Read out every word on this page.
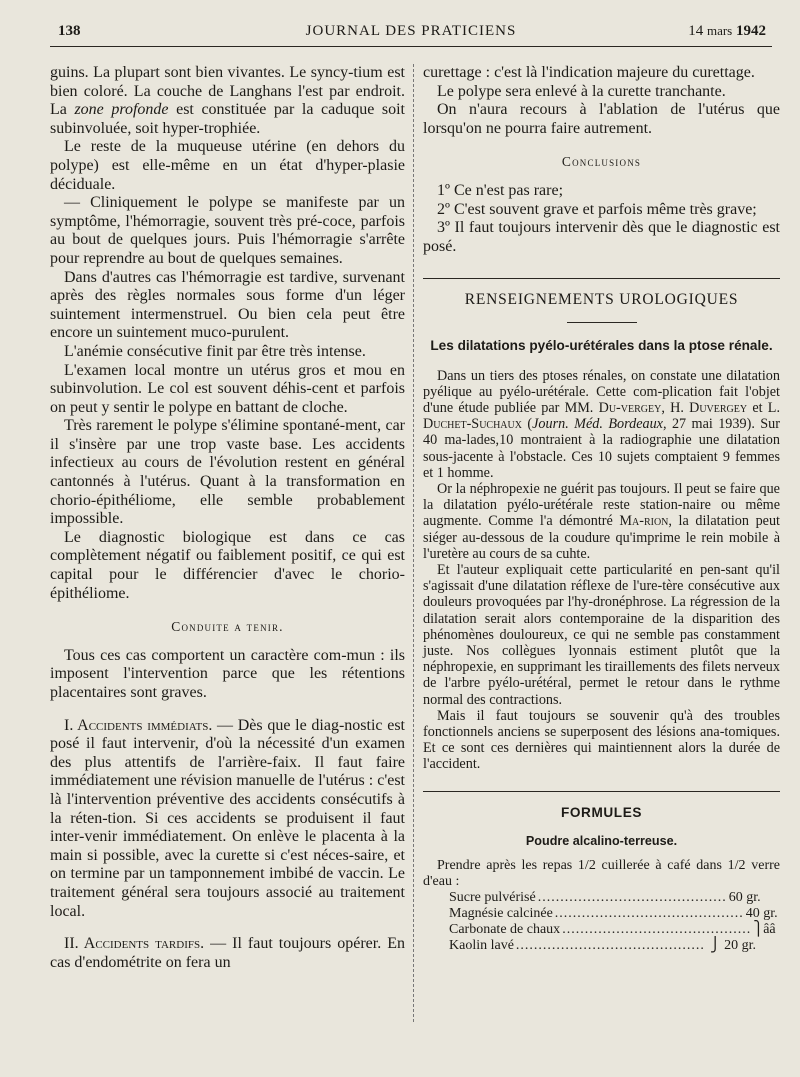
138	JOURNAL DES PRATICIENS	14 mars 1942

guins. La plupart sont bien vivantes. Le syncy-tium est bien coloré. La couche de Langhans l'est par endroit. La zone profonde est constituée par la caduque soit subinvoluée, soit hyper-trophiée.

Le reste de la muqueuse utérine (en dehors du polype) est elle-même en un état d'hyper-plasie déciduale.

— Cliniquement le polype se manifeste par un symptôme, l'hémorragie, souvent très pré-coce, parfois au bout de quelques jours. Puis l'hémorragie s'arrête pour reprendre au bout de quelques semaines.

Dans d'autres cas l'hémorragie est tardive, survenant après des règles normales sous forme d'un léger suintement intermenstruel. Ou bien cela peut être encore un suintement muco-purulent.

L'anémie consécutive finit par être très intense.

L'examen local montre un utérus gros et mou en subinvolution. Le col est souvent déhis-cent et parfois on peut y sentir le polype en battant de cloche.

Très rarement le polype s'élimine spontané-ment, car il s'insère par une trop vaste base. Les accidents infectieux au cours de l'évolution restent en général cantonnés à l'utérus. Quant à la transformation en chorio-épithéliome, elle semble probablement impossible.

Le diagnostic biologique est dans ce cas complètement négatif ou faiblement positif, ce qui est capital pour le différencier d'avec le chorio-épithéliome.

Conduite a tenir.

Tous ces cas comportent un caractère com-mun : ils imposent l'intervention parce que les rétentions placentaires sont graves.

I. Accidents immédiats. — Dès que le diag-nostic est posé il faut intervenir, d'où la nécessité d'un examen des plus attentifs de l'arrière-faix. Il faut faire immédiatement une révision manuelle de l'utérus : c'est là l'intervention préventive des accidents consécutifs à la réten-tion. Si ces accidents se produisent il faut inter-venir immédiatement. On enlève le placenta à la main si possible, avec la curette si c'est néces-saire, et on termine par un tamponnement imbibé de vaccin. Le traitement général sera toujours associé au traitement local.

II. Accidents tardifs. — Il faut toujours opérer. En cas d'endométrite on fera un

curettage : c'est là l'indication majeure du curettage.

Le polype sera enlevé à la curette tranchante.

On n'aura recours à l'ablation de l'utérus que lorsqu'on ne pourra faire autrement.

Conclusions

1º Ce n'est pas rare;

2º C'est souvent grave et parfois même très grave;

3º Il faut toujours intervenir dès que le diagnostic est posé.

RENSEIGNEMENTS UROLOGIQUES
Les dilatations pyélo-urétérales dans la ptose rénale.

Dans un tiers des ptoses rénales, on constate une dilatation pyélique au pyélo-urétérale. Cette com-plication fait l'objet d'une étude publiée par MM. Du-vergey, H. Duvergey et L. Duchet-Suchaux (Journ. Méd. Bordeaux, 27 mai 1939). Sur 40 ma-lades,10 montraient à la radiographie une dilatation sous-jacente à l'obstacle. Ces 10 sujets comptaient 9 femmes et 1 homme.

Or la néphropexie ne guérit pas toujours. Il peut se faire que la dilatation pyélo-urétérale reste station-naire ou même augmente. Comme l'a démontré Ma-rion, la dilatation peut siéger au-dessous de la coudure qu'imprime le rein mobile à l'uretère au cours de sa cuhte.

Et l'auteur expliquait cette particularité en pen-sant qu'il s'agissait d'une dilatation réflexe de l'ure-tère consécutive aux douleurs provoquées par l'hy-dronéphrose. La régression de la dilatation serait alors contemporaine de la disparition des phénomènes douloureux, ce qui ne semble pas constamment juste. Nos collègues lyonnais estiment plutôt que la néphropexie, en supprimant les tiraillements des filets nerveux de l'arbre pyélo-urétéral, permet le retour dans le rythme normal des contractions.

Mais il faut toujours se souvenir qu'à des troubles fonctionnels anciens se superposent des lésions ana-tomiques. Et ce sont ces dernières qui maintiennent alors la durée de l'accident.

FORMULES
Poudre alcalino-terreuse.

Prendre après les repas 1/2 cuillerée à café dans 1/2 verre d'eau :

Sucre pulvérisé .......................................... 60 gr.
Magnésie calcinée .......................................... 40 gr.
Carbonate de chaux .......................................... ⎫ ââ
Kaolin lavé .......................................... ⎭ 20 gr.
